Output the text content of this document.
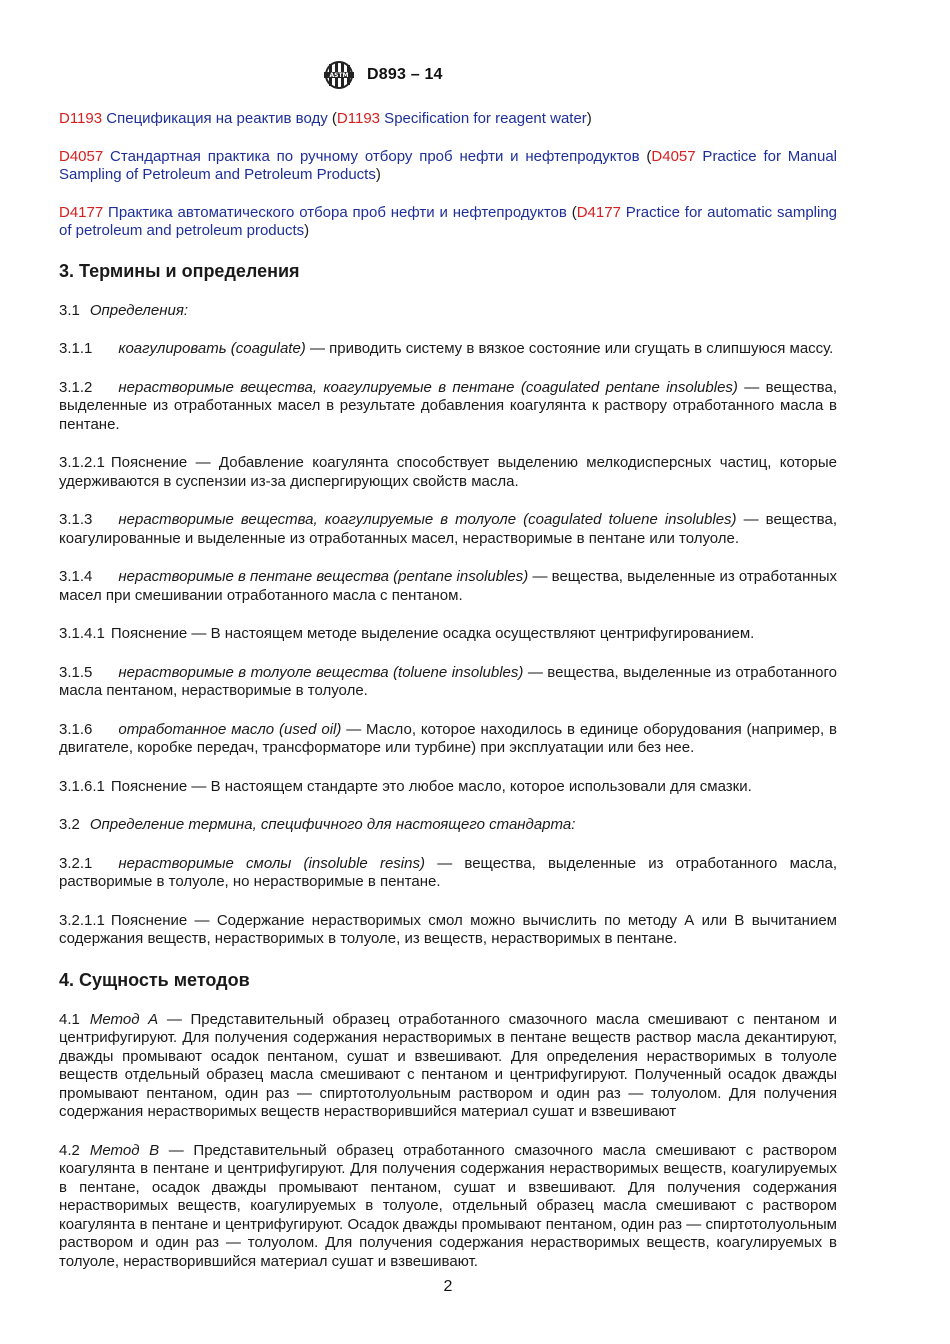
ASTM D893 – 14

D1193 Спецификация на реактив воду (D1193 Specification for reagent water)

D4057 Стандартная практика по ручному отбору проб нефти и нефтепродуктов (D4057 Practice for Manual Sampling of Petroleum and Petroleum Products)

D4177 Практика автоматического отбора проб нефти и нефтепродуктов (D4177 Practice for automatic sampling of petroleum and petroleum products)

3. Термины и определения

3.1 Определения:

3.1.1 коагулировать (coagulate) — приводить систему в вязкое состояние или сгущать в слипшуюся массу.

3.1.2 нерастворимые вещества, коагулируемые в пентане (coagulated pentane insolubles) — вещества, выделенные из отработанных масел в результате добавления коагулянта к раствору отработанного масла в пентане.

3.1.2.1 Пояснение — Добавление коагулянта способствует выделению мелкодисперсных частиц, которые удерживаются в суспензии из-за диспергирующих свойств масла.

3.1.3 нерастворимые вещества, коагулируемые в толуоле (coagulated toluene insolubles) — вещества, коагулированные и выделенные из отработанных масел, нерастворимые в пентане или толуоле.

3.1.4 нерастворимые в пентане вещества (pentane insolubles) — вещества, выделенные из отработанных масел при смешивании отработанного масла с пентаном.

3.1.4.1 Пояснение — В настоящем методе выделение осадка осуществляют центрифугированием.

3.1.5 нерастворимые в толуоле вещества (toluene insolubles) — вещества, выделенные из отработанного масла пентаном, нерастворимые в толуоле.

3.1.6 отработанное масло (used oil) — Масло, которое находилось в единице оборудования (например, в двигателе, коробке передач, трансформаторе или турбине) при эксплуатации или без нее.

3.1.6.1 Пояснение — В настоящем стандарте это любое масло, которое использовали для смазки.

3.2 Определение термина, специфичного для настоящего стандарта:

3.2.1 нерастворимые смолы (insoluble resins) — вещества, выделенные из отработанного масла, растворимые в толуоле, но нерастворимые в пентане.

3.2.1.1 Пояснение — Содержание нерастворимых смол можно вычислить по методу А или В вычитанием содержания веществ, нерастворимых в толуоле, из веществ, нерастворимых в пентане.

4. Сущность методов

4.1 Метод А — Представительный образец отработанного смазочного масла смешивают с пентаном и центрифугируют. Для получения содержания нерастворимых в пентане веществ раствор масла декантируют, дважды промывают осадок пентаном, сушат и взвешивают. Для определения нерастворимых в толуоле веществ отдельный образец масла смешивают с пентаном и центрифугируют. Полученный осадок дважды промывают пентаном, один раз — спиртотолуольным раствором и один раз — толуолом. Для получения содержания нерастворимых веществ нерастворившийся материал сушат и взвешивают

4.2 Метод В — Представительный образец отработанного смазочного масла смешивают с раствором коагулянта в пентане и центрифугируют. Для получения содержания нерастворимых веществ, коагулируемых в пентане, осадок дважды промывают пентаном, сушат и взвешивают. Для получения содержания нерастворимых веществ, коагулируемых в толуоле, отдельный образец масла смешивают с раствором коагулянта в пентане и центрифугируют. Осадок дважды промывают пентаном, один раз — спиртотолуольным раствором и один раз — толуолом. Для получения содержания нерастворимых веществ, коагулируемых в толуоле, нерастворившийся материал сушат и взвешивают.

2
